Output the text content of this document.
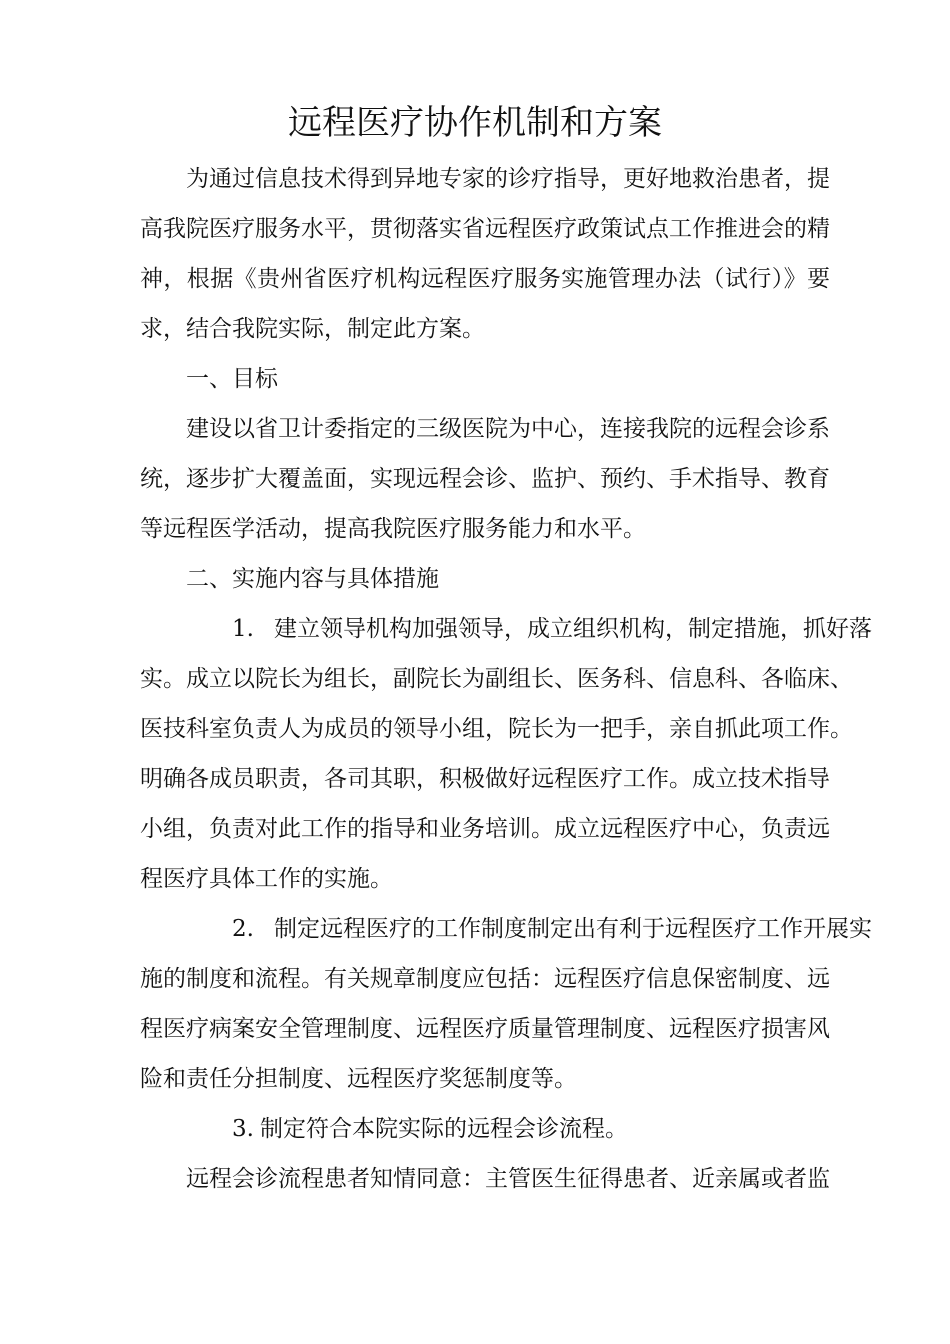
远程医疗协作机制和方案
为通过信息技术得到异地专家的诊疗指导，更好地救治患者，提
高我院医疗服务水平，贯彻落实省远程医疗政策试点工作推进会的精
神，根据《贵州省医疗机构远程医疗服务实施管理办法（试行）》要
求，结合我院实际，制定此方案。
一、目标
建设以省卫计委指定的三级医院为中心，连接我院的远程会诊系
统，逐步扩大覆盖面，实现远程会诊、监护、预约、手术指导、教育
等远程医学活动，提高我院医疗服务能力和水平。
二、实施内容与具体措施
1. 建立领导机构加强领导，成立组织机构，制定措施，抓好落
实。成立以院长为组长，副院长为副组长、医务科、信息科、各临床、
医技科室负责人为成员的领导小组，院长为一把手，亲自抓此项工作。
明确各成员职责，各司其职，积极做好远程医疗工作。成立技术指导
小组，负责对此工作的指导和业务培训。成立远程医疗中心，负责远
程医疗具体工作的实施。
2. 制定远程医疗的工作制度制定出有利于远程医疗工作开展实
施的制度和流程。有关规章制度应包括：远程医疗信息保密制度、远
程医疗病案安全管理制度、远程医疗质量管理制度、远程医疗损害风
险和责任分担制度、远程医疗奖惩制度等。
3. 制定符合本院实际的远程会诊流程。
远程会诊流程患者知情同意：主管医生征得患者、近亲属或者监
